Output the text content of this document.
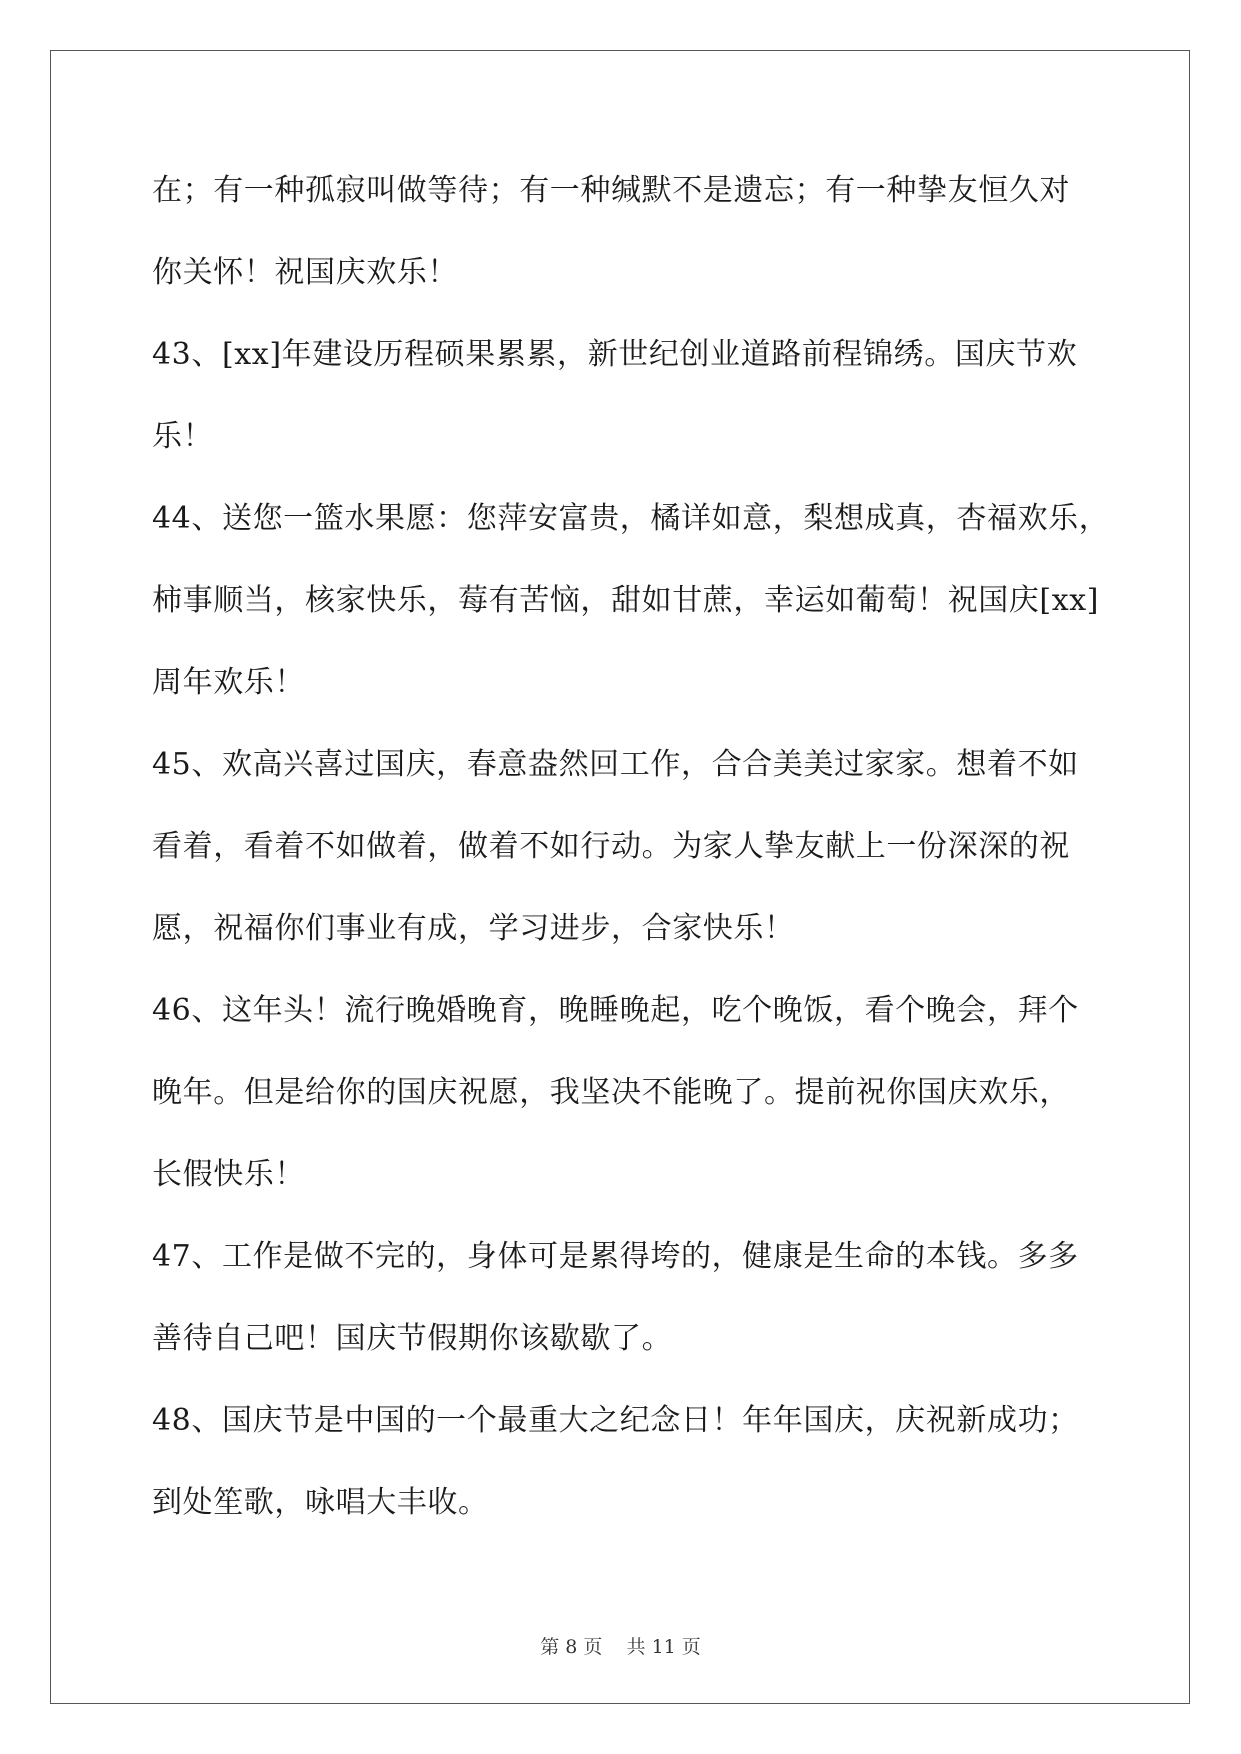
在；有一种孤寂叫做等待；有一种缄默不是遗忘；有一种挚友恒久对
你关怀！祝国庆欢乐！
43、[xx]年建设历程硕果累累，新世纪创业道路前程锦绣。国庆节欢
乐！
44、送您一篮水果愿：您萍安富贵，橘详如意，梨想成真，杏福欢乐，
柿事顺当，核家快乐，莓有苦恼，甜如甘蔗，幸运如葡萄！祝国庆[xx]
周年欢乐！
45、欢高兴喜过国庆，春意盎然回工作，合合美美过家家。想着不如
看着，看着不如做着，做着不如行动。为家人挚友献上一份深深的祝
愿，祝福你们事业有成，学习进步，合家快乐！
46、这年头！流行晚婚晚育，晚睡晚起，吃个晚饭，看个晚会，拜个
晚年。但是给你的国庆祝愿，我坚决不能晚了。提前祝你国庆欢乐，
长假快乐！
47、工作是做不完的，身体可是累得垮的，健康是生命的本钱。多多
善待自己吧！国庆节假期你该歇歇了。
48、国庆节是中国的一个最重大之纪念日！年年国庆，庆祝新成功；
到处笙歌，咏唱大丰收。
第 8 页    共 11 页
